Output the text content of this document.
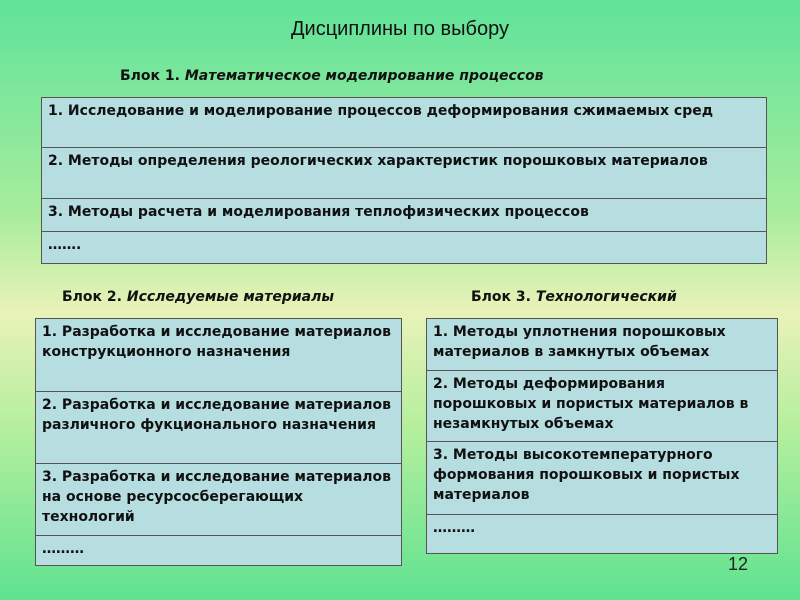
Дисциплины по выбору
Блок 1. Математическое моделирование процессов
1. Исследование и моделирование процессов деформирования сжимаемых сред
2. Методы определения реологических характеристик порошковых материалов
3. Методы расчета и моделирования теплофизических процессов
…….
Блок 2. Исследуемые материалы	Блок 3. Технологический
1. Разработка и исследование материалов конструкционного назначения
2. Разработка и исследование материалов различного фукционального назначения
3. Разработка и исследование материалов на основе ресурсосберегающих технологий
………
1. Методы уплотнения порошковых материалов в замкнутых объемах
2. Методы деформирования порошковых и пористых материалов в незамкнутых объемах
3. Методы высокотемпературного формования порошковых и пористых материалов
………
12
